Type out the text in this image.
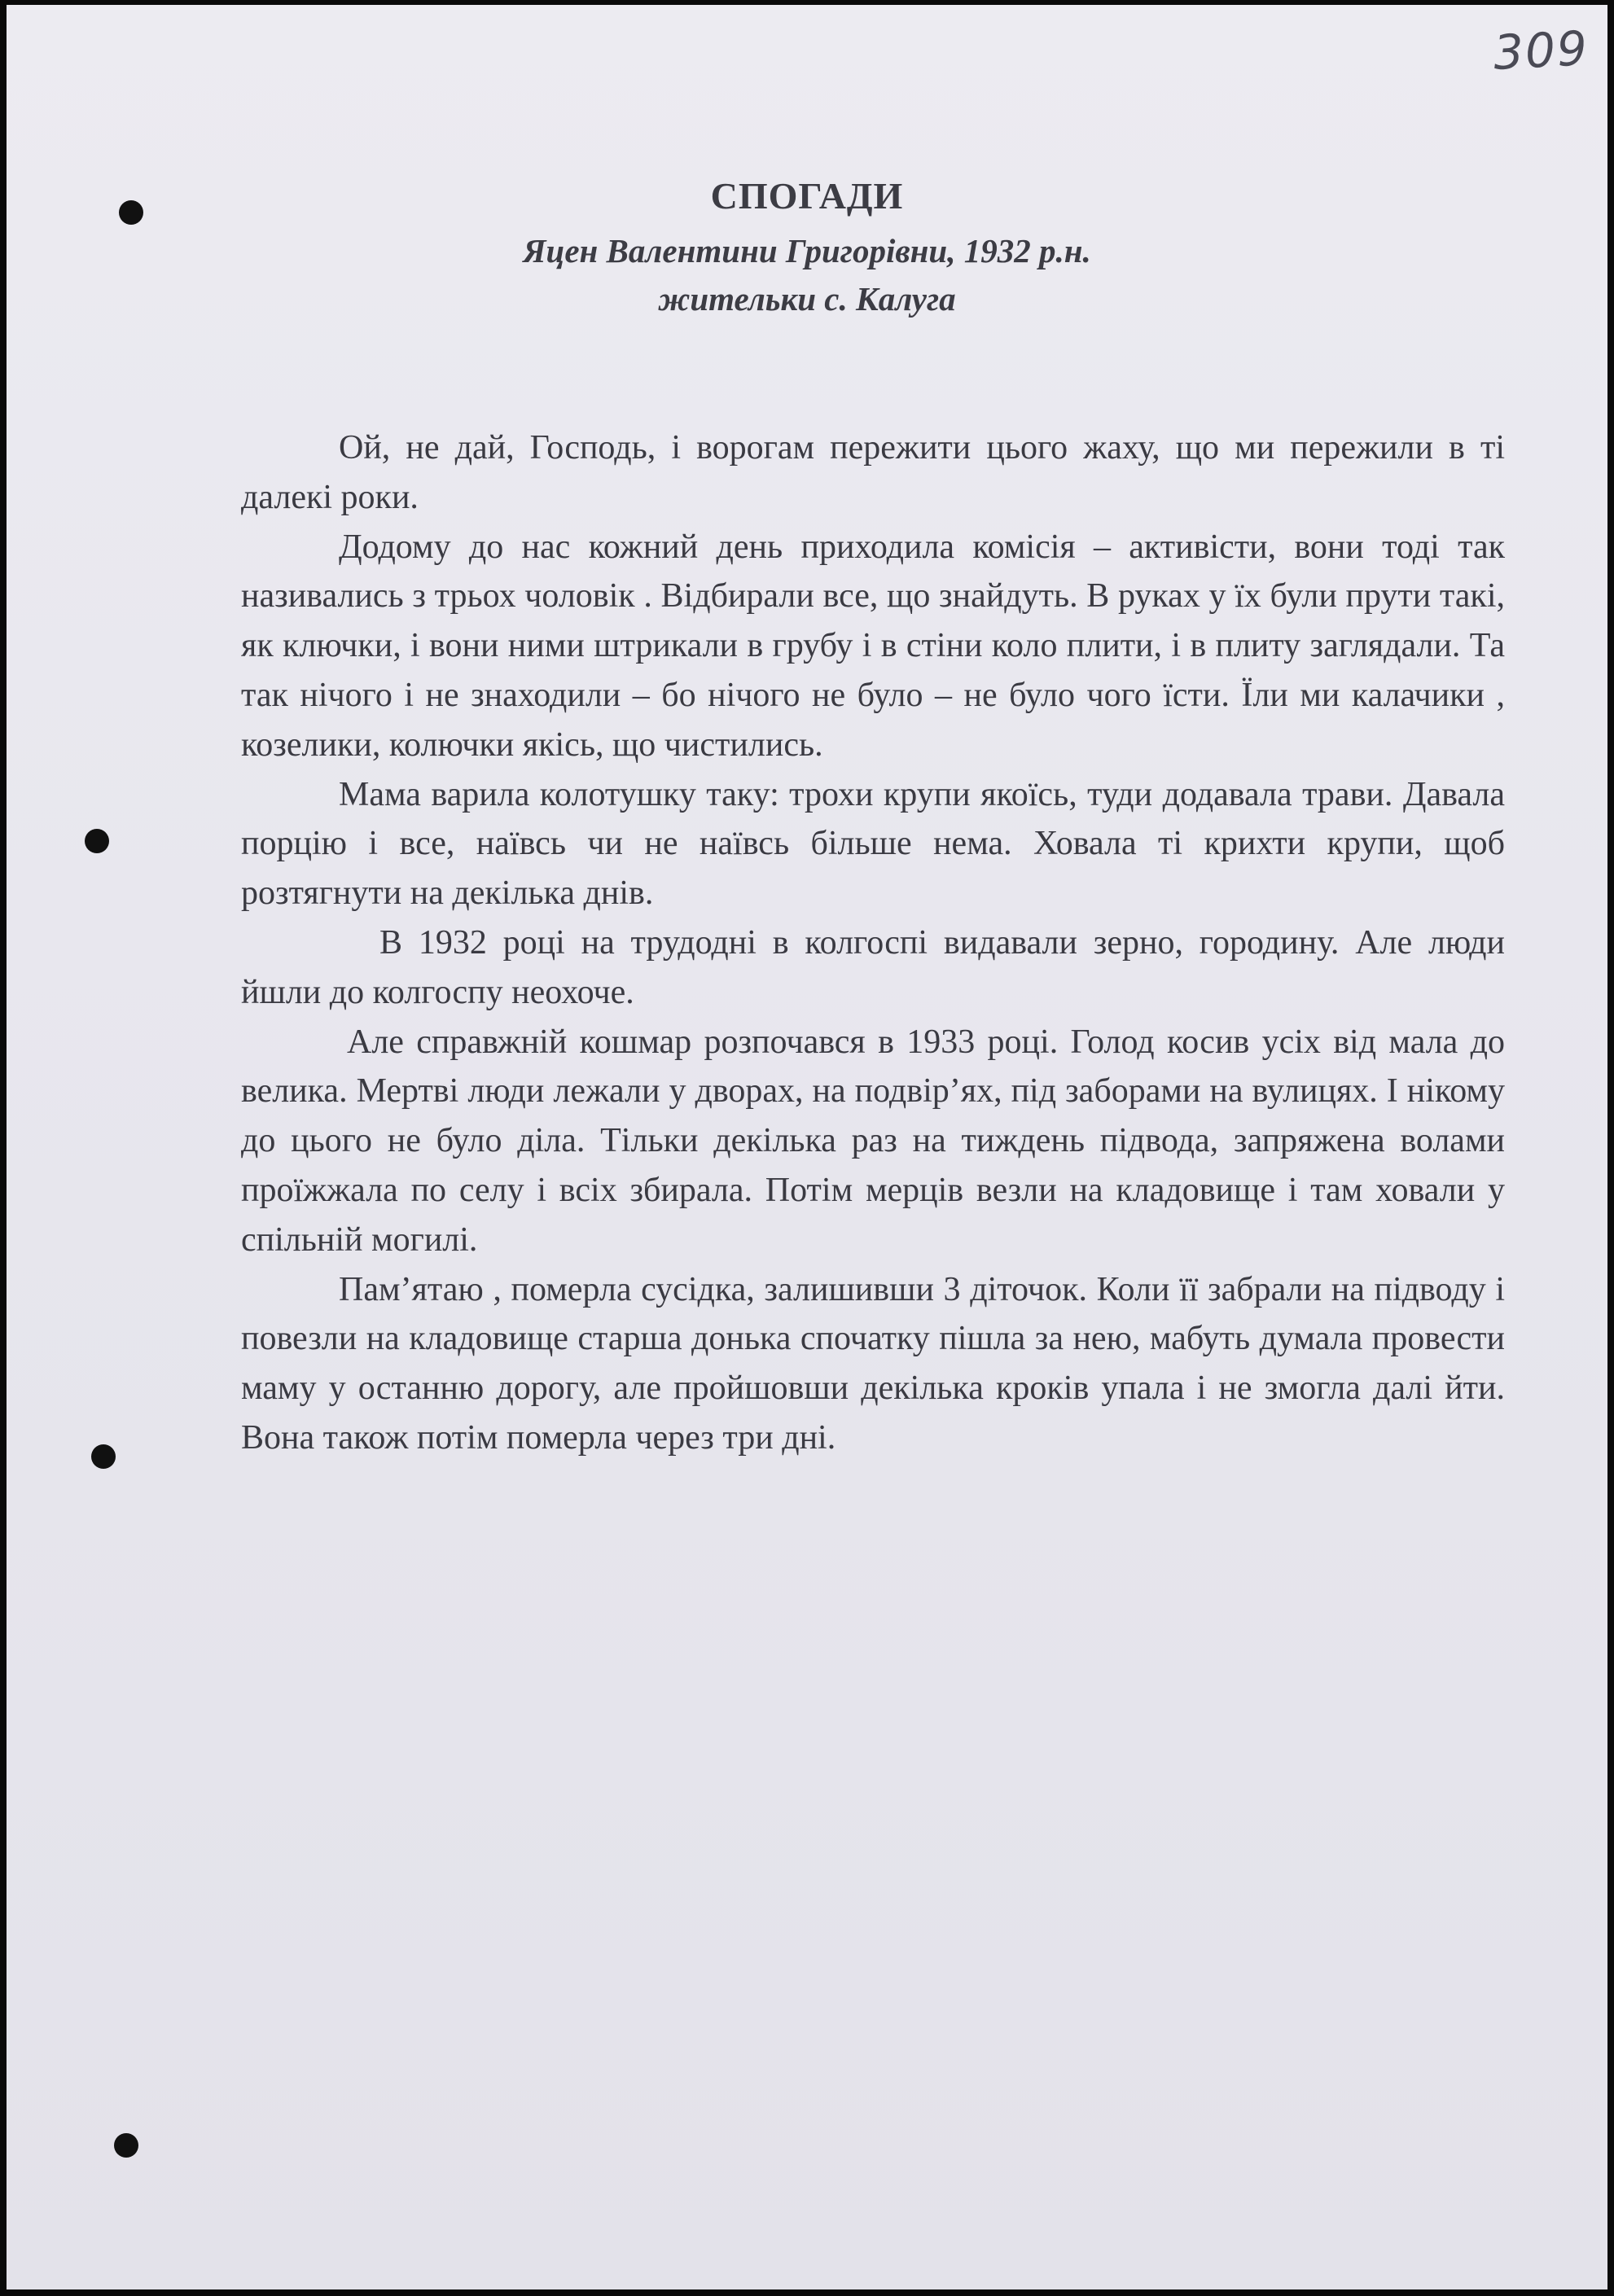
309
СПОГАДИ
Яцен Валентини Григорівни, 1932 р.н.
жительки с. Калуга

Ой, не дай, Господь, і ворогам пережити цього жаху, що ми пережили в ті далекі роки.

Додому до нас кожний день приходила комісія – активісти, вони тоді так називались з трьох чоловік . Відбирали все, що знайдуть. В руках у їх були прути такі, як ключки, і вони ними штрикали в грубу і в стіни коло плити, і в плиту заглядали. Та так нічого і не знаходили – бо нічого не було – не було чого їсти. Їли ми калачики , козелики, колючки якісь, що чистились.

Мама варила колотушку таку: трохи крупи якоїсь, туди додавала трави. Давала порцію і все, наївсь чи не наївсь більше нема. Ховала ті крихти крупи, щоб розтягнути на декілька днів.

В 1932 році на трудодні в колгоспі видавали зерно, городину. Але люди йшли до колгоспу неохоче.

Але справжній кошмар розпочався в 1933 році. Голод косив усіх від мала до велика. Мертві люди лежали у дворах, на подвір’ях, під заборами на вулицях. І нікому до цього не було діла. Тільки декілька раз на тиждень підвода, запряжена волами проїжжала по селу і всіх збирала. Потім мерців везли на кладовище і там ховали у спільній могилі.

Пам’ятаю , померла сусідка, залишивши 3 діточок. Коли її забрали на підводу і повезли на кладовище старша донька спочатку пішла за нею, мабуть думала провести маму у останню дорогу, але пройшовши декілька кроків упала і не змогла далі йти. Вона також потім померла через три дні.
